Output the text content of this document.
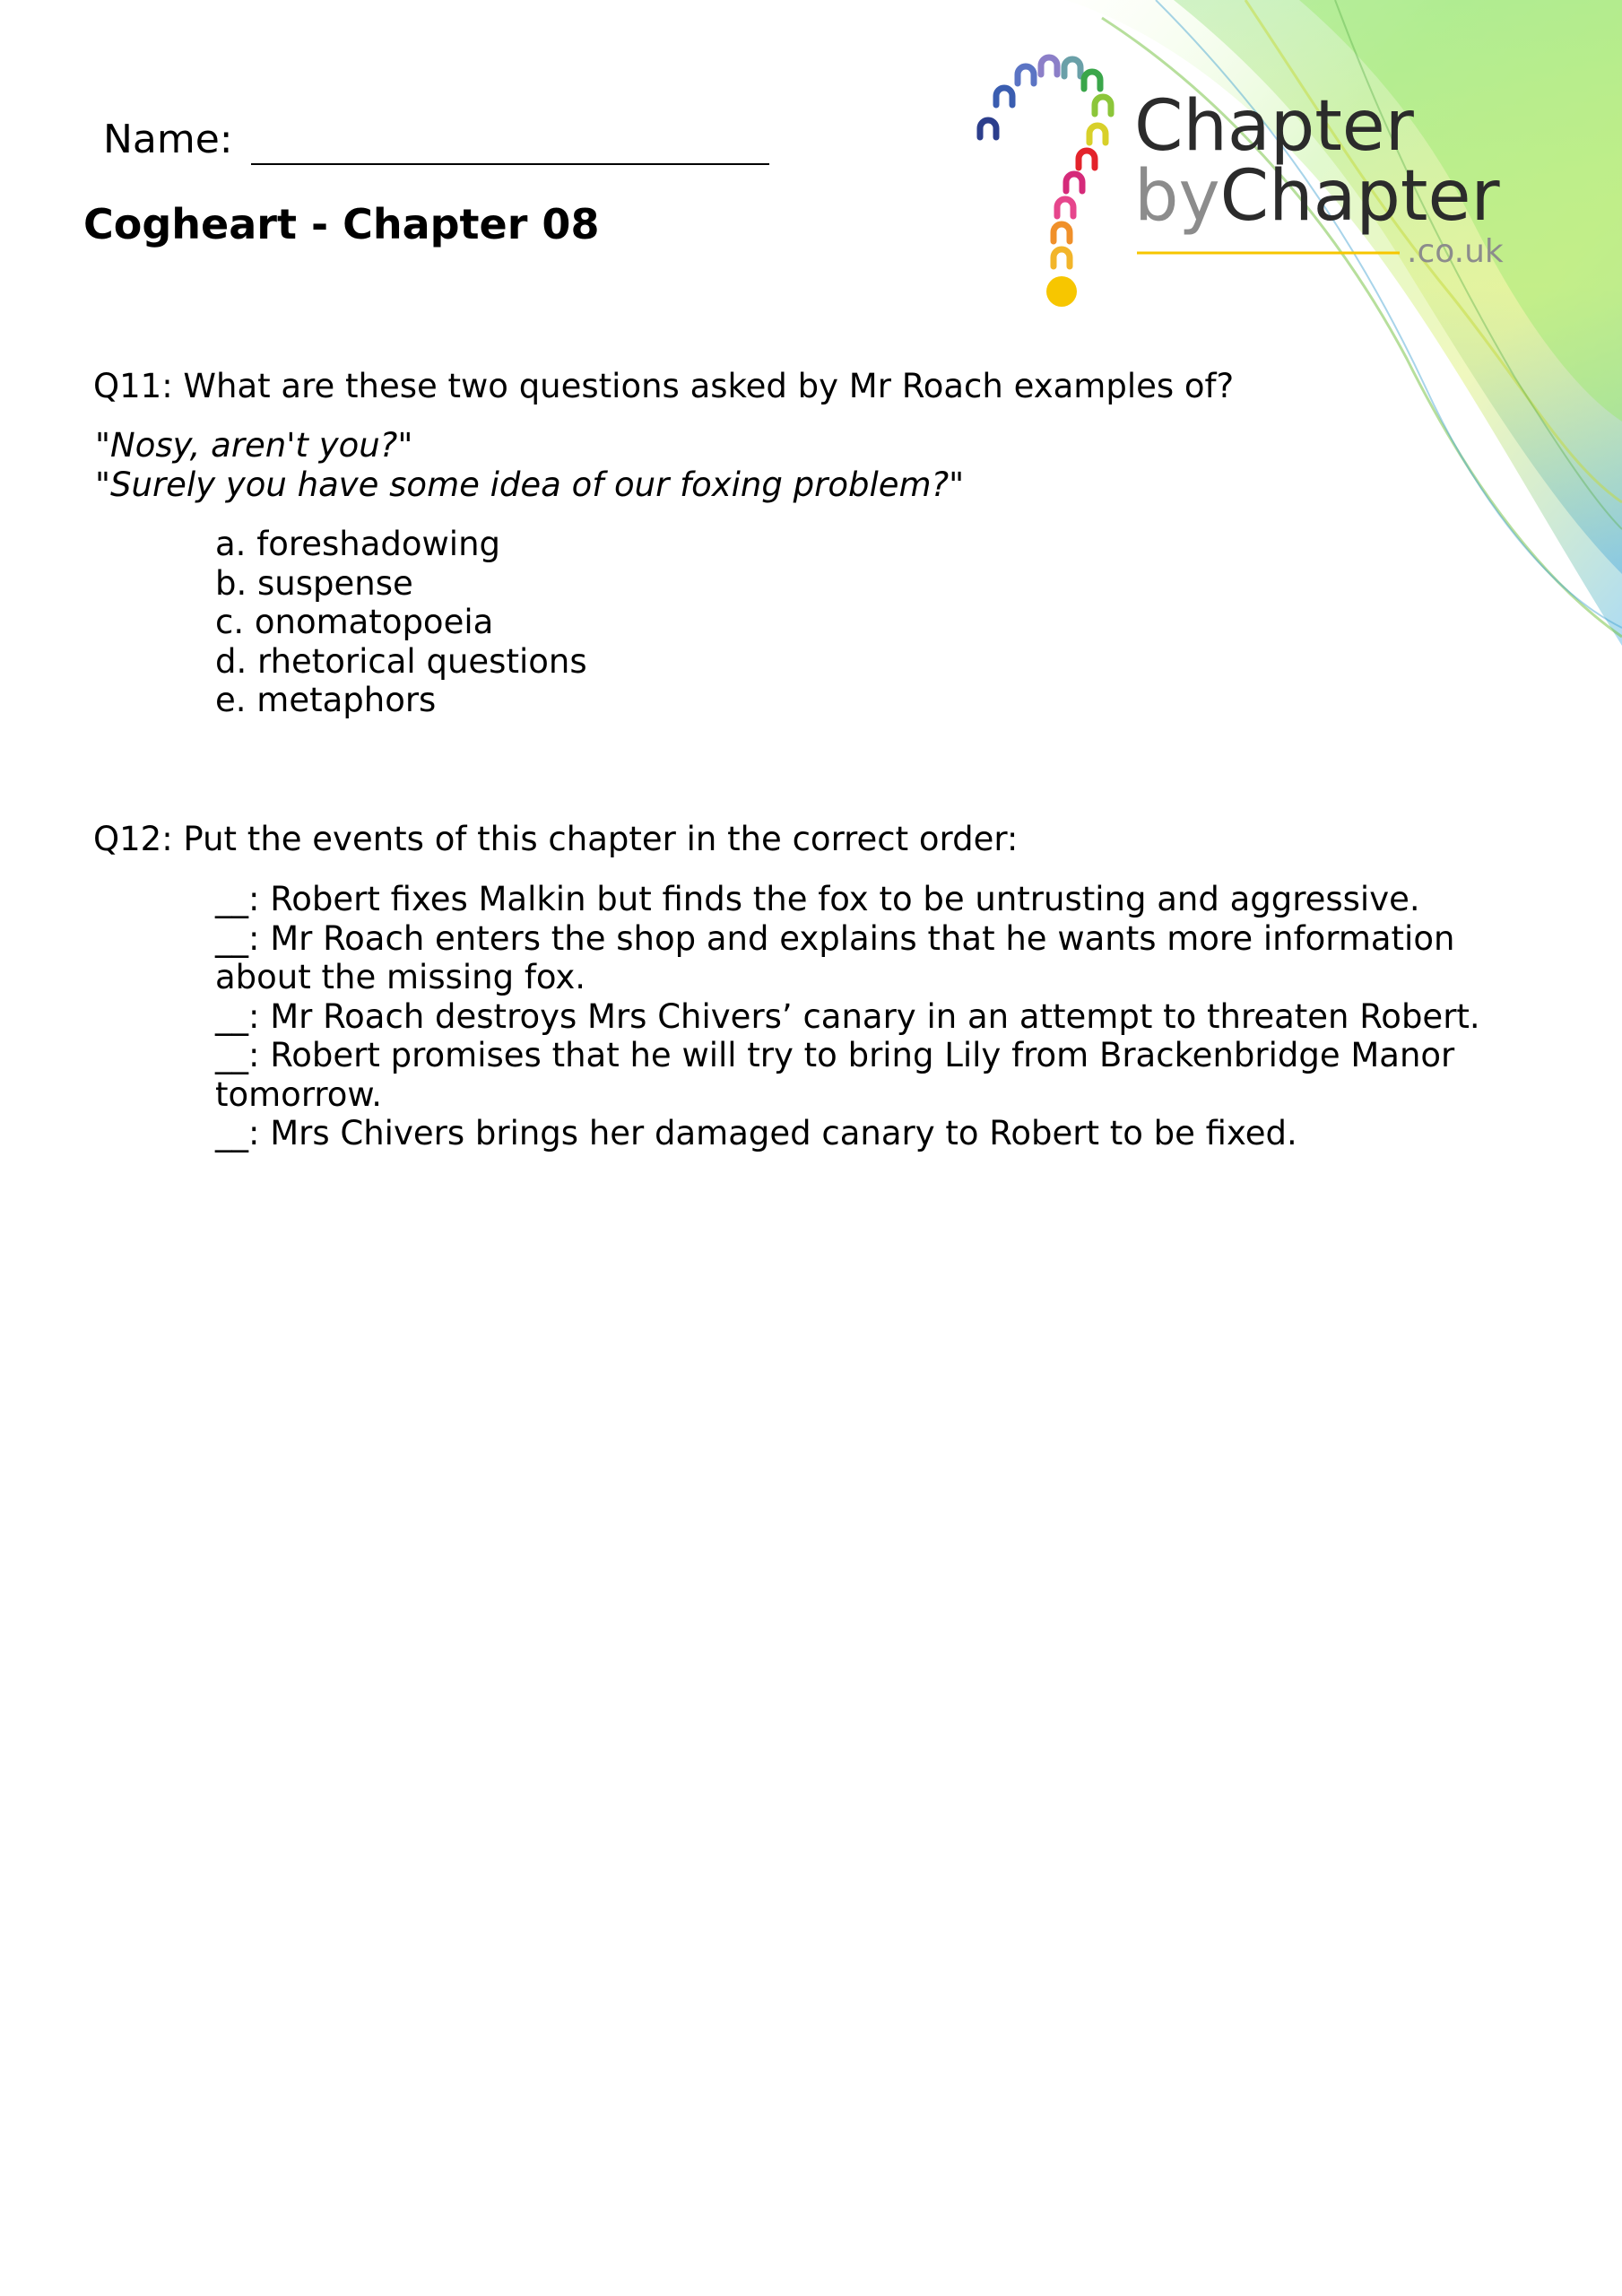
Chapter
byChapter
.co.uk
Name:
Cogheart - Chapter 08
Q11: What are these two questions asked by Mr Roach examples of?
"Nosy, aren't you?"
"Surely you have some idea of our foxing problem?"
a. foreshadowing
b. suspense
c. onomatopoeia
d. rhetorical questions
e. metaphors
Q12: Put the events of this chapter in the correct order:
__: Robert fixes Malkin but finds the fox to be untrusting and aggressive.
__: Mr Roach enters the shop and explains that he wants more information about the missing fox.
__: Mr Roach destroys Mrs Chivers’ canary in an attempt to threaten Robert.
__: Robert promises that he will try to bring Lily from Brackenbridge Manor tomorrow.
__: Mrs Chivers brings her damaged canary to Robert to be fixed.
